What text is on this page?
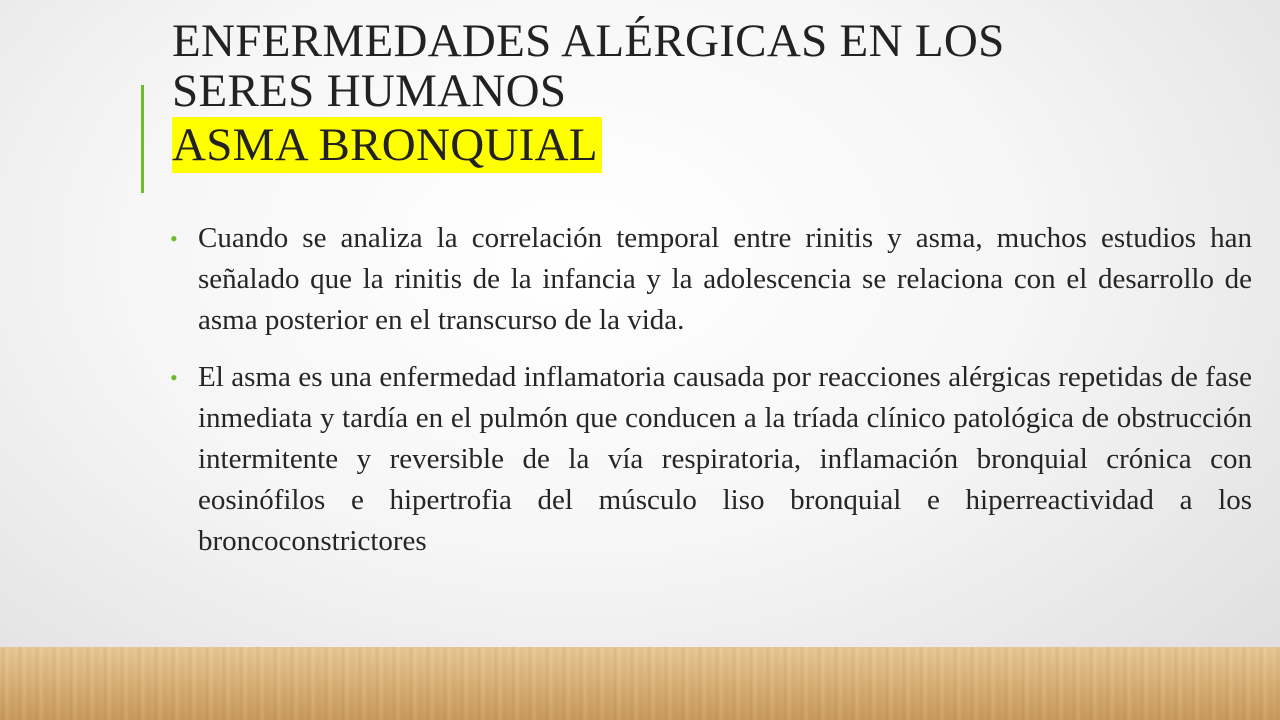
ENFERMEDADES ALÉRGICAS EN LOS
SERES HUMANOS
ASMA BRONQUIAL
• Cuando se analiza la correlación temporal entre rinitis y asma, muchos estudios han señalado que la rinitis de la infancia y la adolescencia se relaciona con el desarrollo de asma posterior en el transcurso de la vida.
• El asma es una enfermedad inflamatoria causada por reacciones alérgicas repetidas de fase inmediata y tardía en el pulmón que conducen a la tríada clínico patológica de obstrucción intermitente y reversible de la vía respiratoria, inflamación bronquial crónica con eosinófilos e hipertrofia del músculo liso bronquial e hiperreactividad a los broncoconstrictores
